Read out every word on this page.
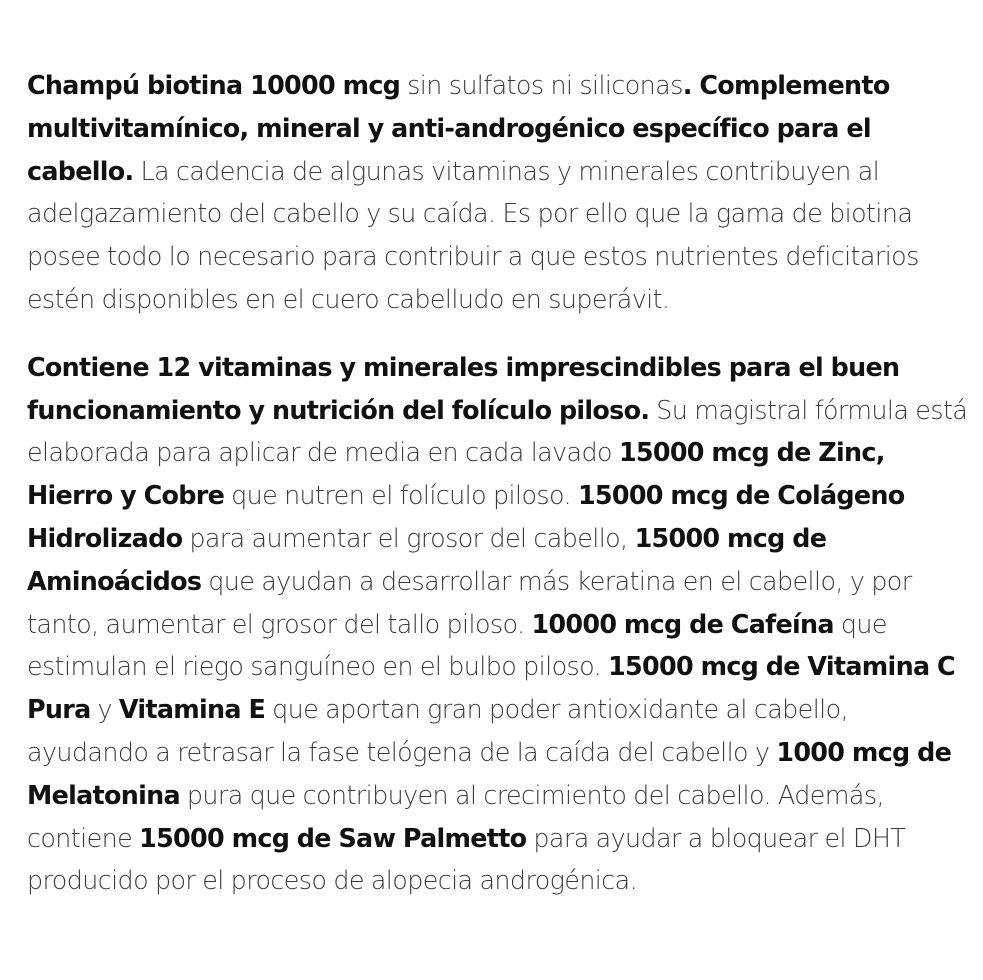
Champú biotina 10000 mcg sin sulfatos ni siliconas. Complemento multivitamínico, mineral y anti-androgénico específico para el cabello. La cadencia de algunas vitaminas y minerales contribuyen al adelgazamiento del cabello y su caída. Es por ello que la gama de biotina posee todo lo necesario para contribuir a que estos nutrientes deficitarios estén disponibles en el cuero cabelludo en superávit.

Contiene 12 vitaminas y minerales imprescindibles para el buen funcionamiento y nutrición del folículo piloso. Su magistral fórmula está elaborada para aplicar de media en cada lavado 15000 mcg de Zinc, Hierro y Cobre que nutren el folículo piloso. 15000 mcg de Colágeno Hidrolizado para aumentar el grosor del cabello, 15000 mcg de Aminoácidos que ayudan a desarrollar más keratina en el cabello, y por tanto, aumentar el grosor del tallo piloso. 10000 mcg de Cafeína que estimulan el riego sanguíneo en el bulbo piloso. 15000 mcg de Vitamina C Pura y Vitamina E que aportan gran poder antioxidante al cabello, ayudando a retrasar la fase telógena de la caída del cabello y 1000 mcg de Melatonina pura que contribuyen al crecimiento del cabello. Además, contiene 15000 mcg de Saw Palmetto para ayudar a bloquear el DHT producido por el proceso de alopecia androgénica.
